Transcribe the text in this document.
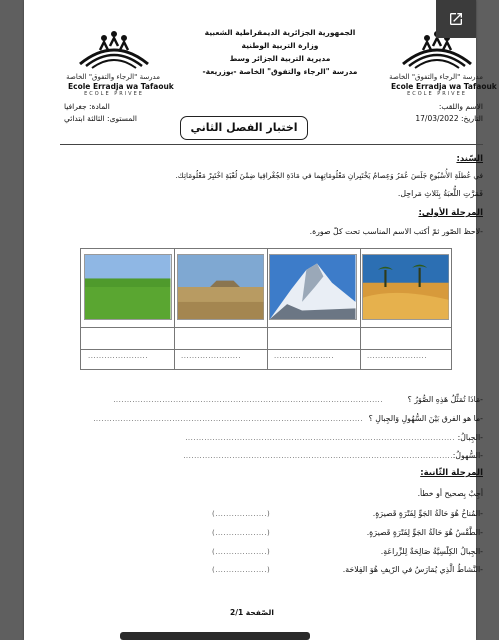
مدرسة "الرجاء والتفوق" الخاصة
Ecole Erradja wa Tafaouk
ECOLE PRIVEE
مدرسة "الرجاء والتفوق" الخاصة
Ecole Erradja wa Tafaouk
ECOLE PRIVEE
الجمهورية الجزائرية الديمقراطية الشعبية
وزارة التربية الوطنية
مديرية التربية الجزائر وسط
مدرسة "الرجاء والتفوق" الخاصة -بوزريعة-
الاسم واللقب:
التاريخ: 17/03/2022
المادة: جغرافيا
المستوى: الثالثة ابتدائي
اختبار الفصل الثاني
السّند:
في عُطلَةِ الأُسْبُوعِ جَلَسَ عُمَرُ وَعِصامٌ يَخْتَبِرانِ مَعْلُومَاتِهِما في مَادَةِ الجُغْرافِيا ضِمْنَ لُعْبَةِ اخْتَبِرْ مَعْلُومَاتِك.
فَمَرَّتِ اللُّعبَةُ بِثَلاثِ مَراحِل.
المرحلة الأولى:
-لاحظ الصّور ثمّ أكتب الاسم المناسب تحت كلّ صورة.
......................	......................	......................	......................
-مَاذَا تُمَثِّلُ هَذِهِ الصُّوَرُ ؟
...................................................................................................
-ما هو الفرق بَيْنَ السُّهُولِ وَالجِبالِ ؟
...................................................................................................
-الجِبالُ:
...................................................................................................
-السُّهولُ:
...................................................................................................
المرحلة الثّانية:
أجِبْ بِصحيح أو خطأ.
-المُناخُ هُوَ حَالَةُ الجَوِّ لِفَتْرَةٍ قَصيرَةٍ.
(...................)
-الطَّقْسُ هُوَ حَالَةُ الجَوِّ لِفَتْرَةٍ قَصيرَةٍ.
(...................)
-الجِبالُ الكِلْسِيَّةُ صَالِحَةٌ لِلزِّراعَةِ.
(...................)
-النَّشاطُ الَّذِي يُمَارَسُ في الرّيفِ هُوَ الفِلاحَة.
(...................)
الصّفحة 2/1
